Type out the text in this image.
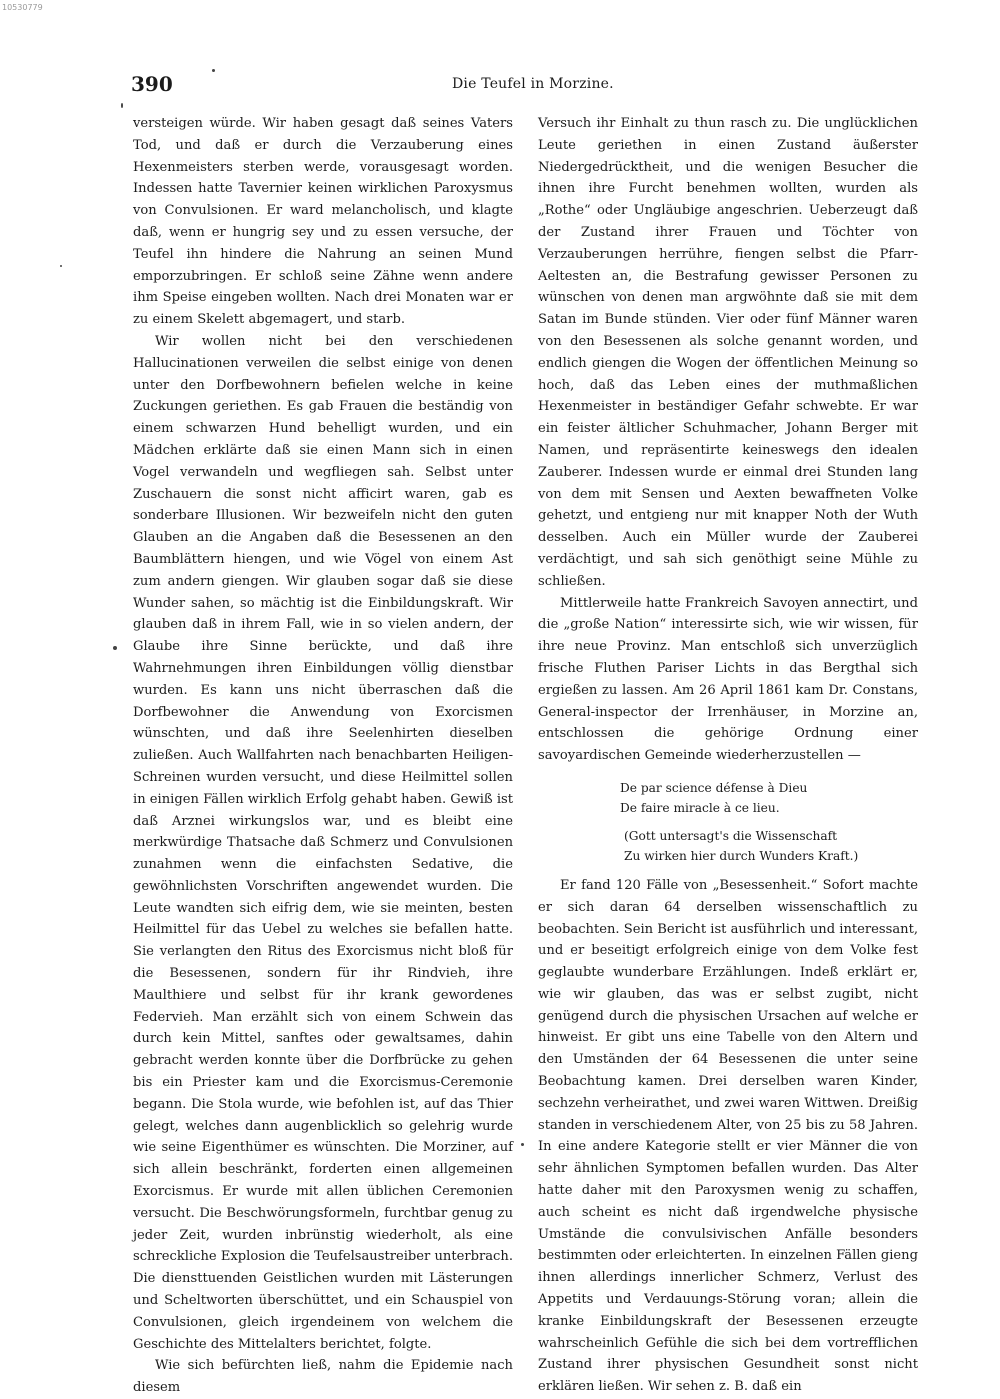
10530779
390	Die Teufel in Morzine.

versteigen würde. Wir haben gesagt daß seines Vaters Tod, und daß er durch die Verzauberung eines Hexenmeisters sterben werde, vorausgesagt worden. Indessen hatte Tavernier keinen wirklichen Paroxysmus von Convulsionen. Er ward melancholisch, und klagte daß, wenn er hungrig sey und zu essen versuche, der Teufel ihn hindere die Nahrung an seinen Mund emporzubringen. Er schloß seine Zähne wenn andere ihm Speise eingeben wollten. Nach drei Monaten war er zu einem Skelett abgemagert, und starb.

Wir wollen nicht bei den verschiedenen Hallucinationen verweilen die selbst einige von denen unter den Dorfbewohnern befielen welche in keine Zuckungen geriethen. Es gab Frauen die beständig von einem schwarzen Hund behelligt wurden, und ein Mädchen erklärte daß sie einen Mann sich in einen Vogel verwandeln und wegfliegen sah. Selbst unter Zuschauern die sonst nicht afficirt waren, gab es sonderbare Illusionen. Wir bezweifeln nicht den guten Glauben an die Angaben daß die Besessenen an den Baumblättern hiengen, und wie Vögel von einem Ast zum andern giengen. Wir glauben sogar daß sie diese Wunder sahen, so mächtig ist die Einbildungskraft. Wir glauben daß in ihrem Fall, wie in so vielen andern, der Glaube ihre Sinne berückte, und daß ihre Wahrnehmungen ihren Einbildungen völlig dienstbar wurden. Es kann uns nicht überraschen daß die Dorfbewohner die Anwendung von Exorcismen wünschten, und daß ihre Seelenhirten dieselben zuließen. Auch Wallfahrten nach benachbarten Heiligen-Schreinen wurden versucht, und diese Heilmittel sollen in einigen Fällen wirklich Erfolg gehabt haben. Gewiß ist daß Arznei wirkungslos war, und es bleibt eine merkwürdige Thatsache daß Schmerz und Convulsionen zunahmen wenn die einfachsten Sedative, die gewöhnlichsten Vorschriften angewendet wurden. Die Leute wandten sich eifrig dem, wie sie meinten, besten Heilmittel für das Uebel zu welches sie befallen hatte. Sie verlangten den Ritus des Exorcismus nicht bloß für die Besessenen, sondern für ihr Rindvieh, ihre Maulthiere und selbst für ihr krank gewordenes Federvieh. Man erzählt sich von einem Schwein das durch kein Mittel, sanftes oder gewaltsames, dahin gebracht werden konnte über die Dorfbrücke zu gehen bis ein Priester kam und die Exorcismus-Ceremonie begann. Die Stola wurde, wie befohlen ist, auf das Thier gelegt, welches dann augenblicklich so gelehrig wurde wie seine Eigenthümer es wünschten. Die Morziner, auf sich allein beschränkt, forderten einen allgemeinen Exorcismus. Er wurde mit allen üblichen Ceremonien versucht. Die Beschwörungsformeln, furchtbar genug zu jeder Zeit, wurden inbrünstig wiederholt, als eine schreckliche Explosion die Teufelsaustreiber unterbrach. Die diensttuenden Geistlichen wurden mit Lästerungen und Scheltworten überschüttet, und ein Schauspiel von Convulsionen, gleich irgendeinem von welchem die Geschichte des Mittelalters berichtet, folgte.

Wie sich befürchten ließ, nahm die Epidemie nach diesem

Versuch ihr Einhalt zu thun rasch zu. Die unglücklichen Leute geriethen in einen Zustand äußerster Niedergedrücktheit, und die wenigen Besucher die ihnen ihre Furcht benehmen wollten, wurden als „Rothe“ oder Ungläubige angeschrien. Ueberzeugt daß der Zustand ihrer Frauen und Töchter von Verzauberungen herrühre, fiengen selbst die Pfarr-Aeltesten an, die Bestrafung gewisser Personen zu wünschen von denen man argwöhnte daß sie mit dem Satan im Bunde stünden. Vier oder fünf Männer waren von den Besessenen als solche genannt worden, und endlich giengen die Wogen der öffentlichen Meinung so hoch, daß das Leben eines der muthmaßlichen Hexenmeister in beständiger Gefahr schwebte. Er war ein feister ältlicher Schuhmacher, Johann Berger mit Namen, und repräsentirte keineswegs den idealen Zauberer. Indessen wurde er einmal drei Stunden lang von dem mit Sensen und Aexten bewaffneten Volke gehetzt, und entgieng nur mit knapper Noth der Wuth desselben. Auch ein Müller wurde der Zauberei verdächtigt, und sah sich genöthigt seine Mühle zu schließen.

Mittlerweile hatte Frankreich Savoyen annectirt, und die „große Nation“ interessirte sich, wie wir wissen, für ihre neue Provinz. Man entschloß sich unverzüglich frische Fluthen Pariser Lichts in das Bergthal sich ergießen zu lassen. Am 26 April 1861 kam Dr. Constans, General-inspector der Irrenhäuser, in Morzine an, entschlossen die gehörige Ordnung einer savoyardischen Gemeinde wiederherzustellen —

De par science défense à Dieu
De faire miracle à ce lieu.
(Gott untersagt's die Wissenschaft
Zu wirken hier durch Wunders Kraft.)

Er fand 120 Fälle von „Besessenheit.“ Sofort machte er sich daran 64 derselben wissenschaftlich zu beobachten. Sein Bericht ist ausführlich und interessant, und er beseitigt erfolgreich einige von dem Volke fest geglaubte wunderbare Erzählungen. Indeß erklärt er, wie wir glauben, das was er selbst zugibt, nicht genügend durch die physischen Ursachen auf welche er hinweist. Er gibt uns eine Tabelle von den Altern und den Umständen der 64 Besessenen die unter seine Beobachtung kamen. Drei derselben waren Kinder, sechzehn verheirathet, und zwei waren Wittwen. Dreißig standen in verschiedenem Alter, von 25 bis zu 58 Jahren. In eine andere Kategorie stellt er vier Männer die von sehr ähnlichen Symptomen befallen wurden. Das Alter hatte daher mit den Paroxysmen wenig zu schaffen, auch scheint es nicht daß irgendwelche physische Umstände die convulsivischen Anfälle besonders bestimmten oder erleichterten. In einzelnen Fällen gieng ihnen allerdings innerlicher Schmerz, Verlust des Appetits und Verdauungs-Störung voran; allein die kranke Einbildungskraft der Besessenen erzeugte wahrscheinlich Gefühle die sich bei dem vortrefflichen Zustand ihrer physischen Gesundheit sonst nicht erklären ließen. Wir sehen z. B. daß ein
